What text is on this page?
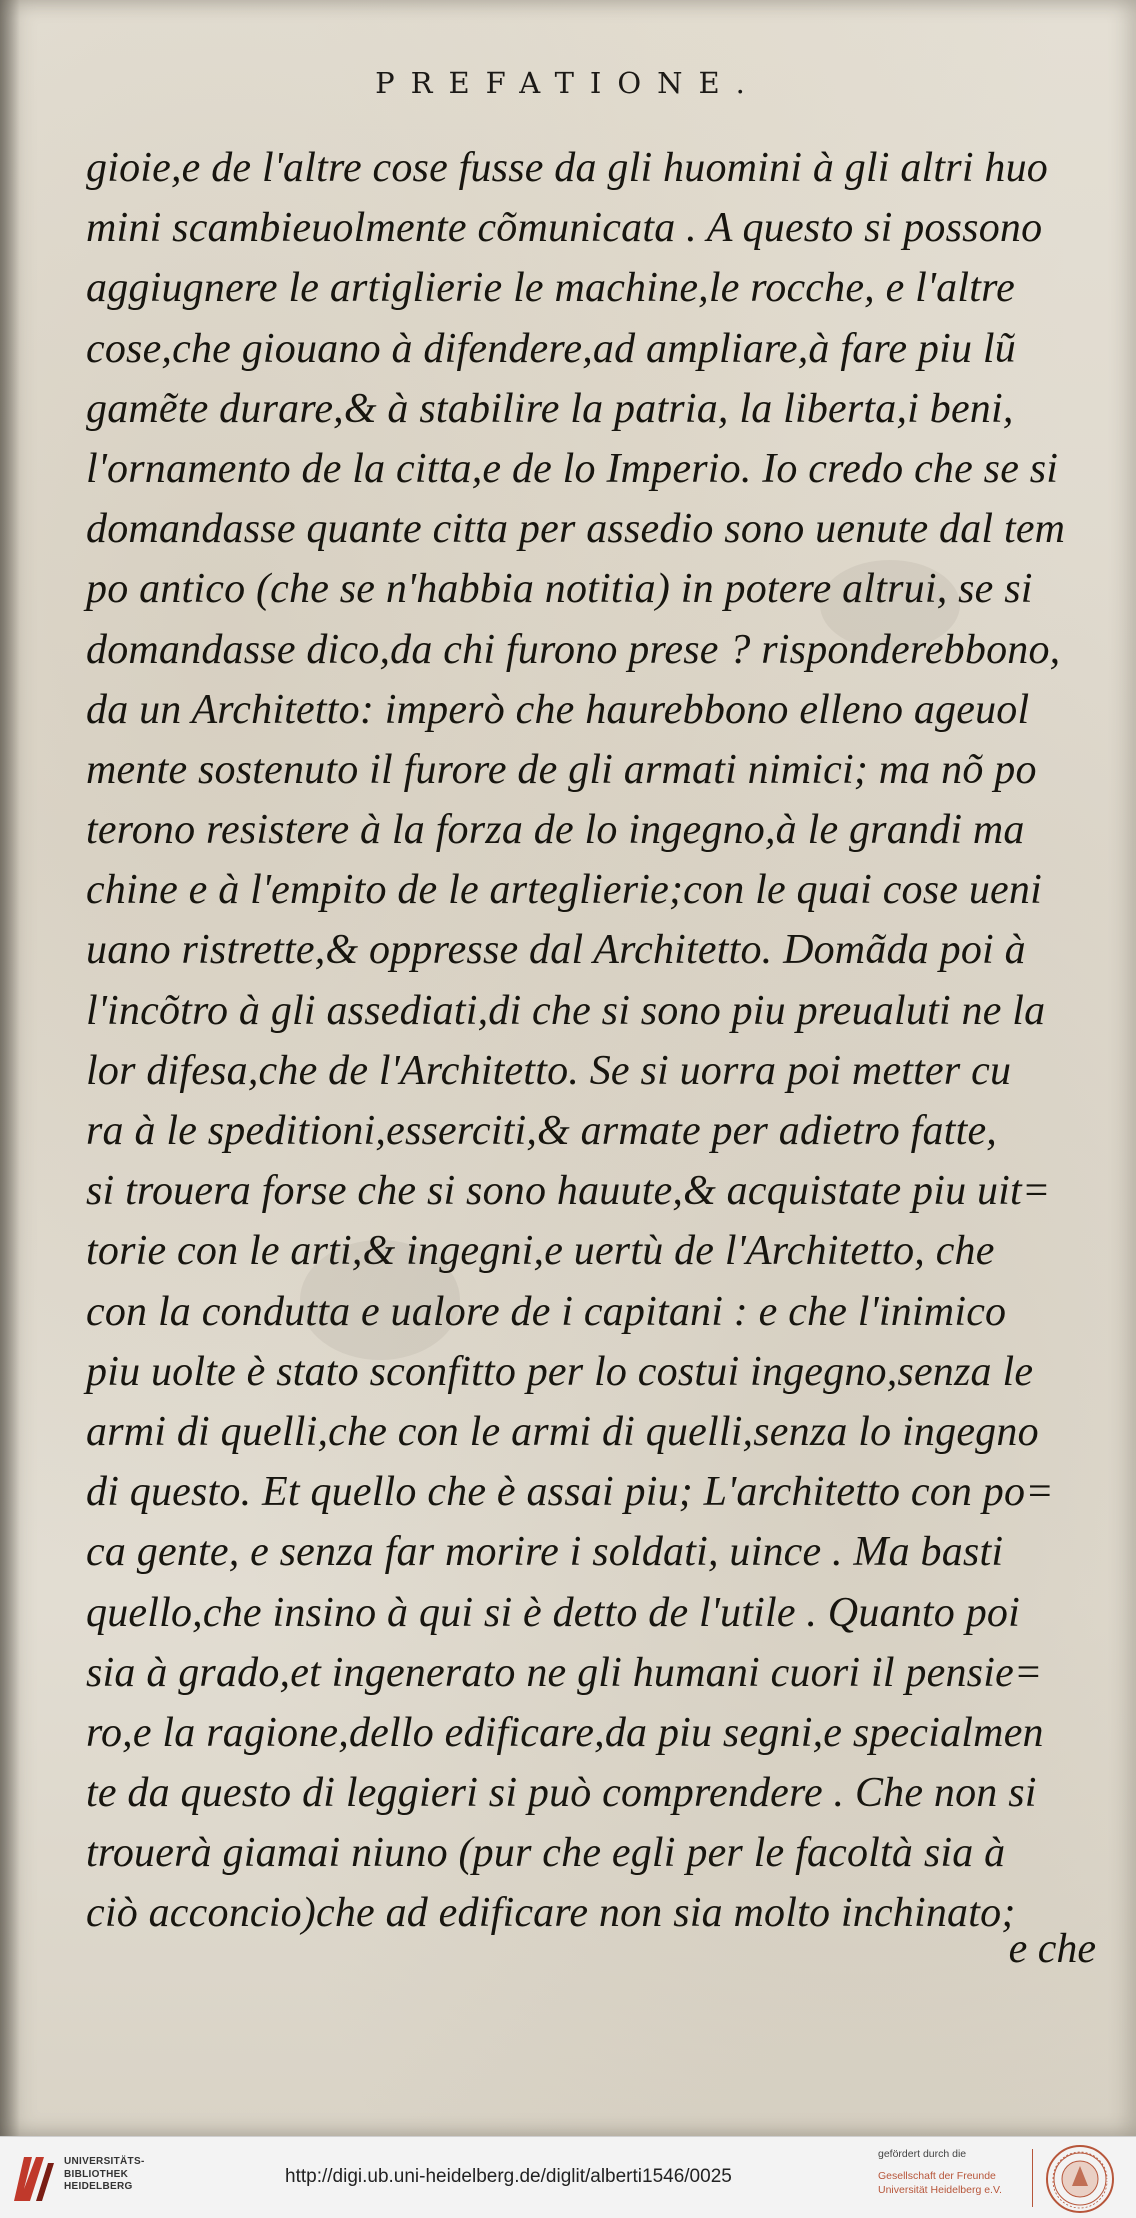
PREFATIONE.
gioie,e de l'altre cose fusse da gli huomini à gli altri huo
mini scambieuolmente cõmunicata . A questo si possono
aggiugnere le artiglierie le machine,le rocche, e l'altre
cose,che giouano à difendere,ad ampliare,à fare piu lũ
gamẽte durare,& à stabilire la patria, la liberta,i beni,
l'ornamento de la citta,e de lo Imperio. Io credo che se si
domandasse quante citta per assedio sono uenute dal tem
po antico (che se n'habbia notitia) in potere altrui, se si
domandasse dico,da chi furono prese ? risponderebbono,
da un Architetto: imperò che haurebbono elleno ageuol
mente sostenuto il furore de gli armati nimici; ma nõ po
terono resistere à la forza de lo ingegno,à le grandi ma
chine e à l'empito de le arteglierie;con le quai cose ueni
uano ristrette,& oppresse dal Architetto. Domãda poi à
l'incõtro à gli assediati,di che si sono piu preualuti ne la
lor difesa,che de l'Architetto. Se si uorra poi metter cu
ra à le speditioni,esserciti,& armate per adietro fatte,
si trouera forse che si sono hauute,& acquistate piu uit=
torie con le arti,& ingegni,e uertù de l'Architetto, che
con la condutta e ualore de i capitani : e che l'inimico
piu uolte è stato sconfitto per lo costui ingegno,senza le
armi di quelli,che con le armi di quelli,senza lo ingegno
di questo. Et quello che è assai piu; L'architetto con po=
ca gente, e senza far morire i soldati, uince . Ma basti
quello,che insino à qui si è detto de l'utile . Quanto poi
sia à grado,et ingenerato ne gli humani cuori il pensie=
ro,e la ragione,dello edificare,da piu segni,e specialmen
te da questo di leggieri si può comprendere . Che non si
trouerà giamai niuno (pur che egli per le facoltà sia à
ciò acconcio)che ad edificare non sia molto inchinato;
e che
UNIVERSITÄTS-
BIBLIOTHEK
HEIDELBERG	http://digi.ub.uni-heidelberg.de/diglit/alberti1546/0025
gefördert durch die
Gesellschaft der Freunde
Universität Heidelberg e.V.
